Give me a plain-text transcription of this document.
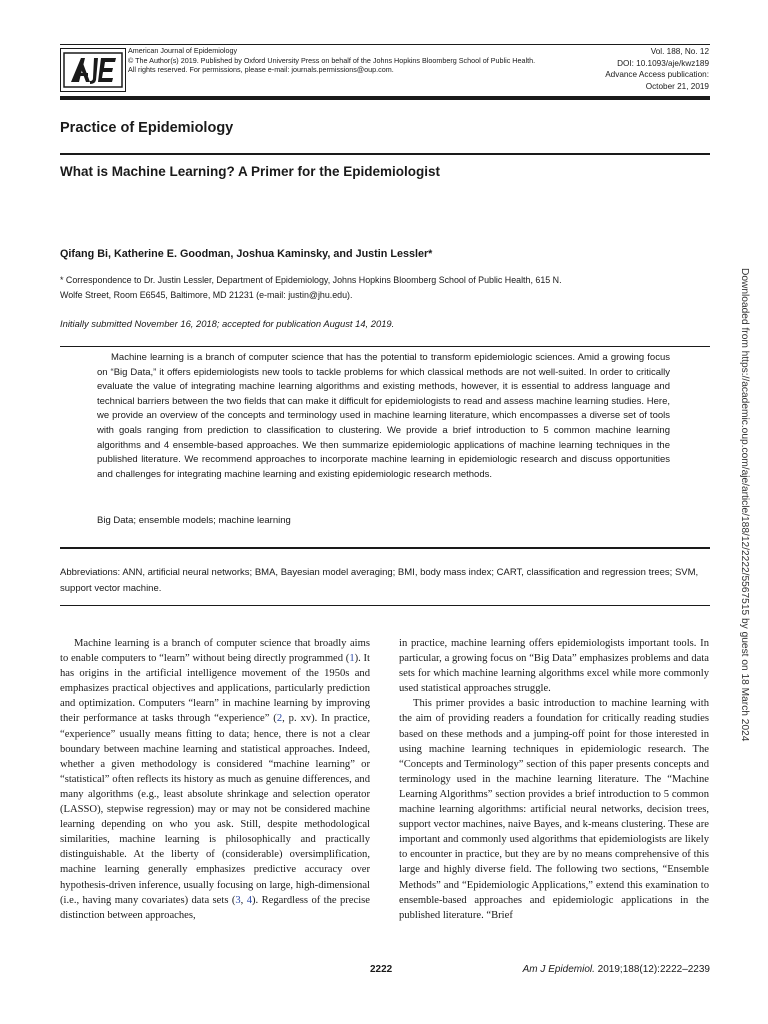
American Journal of Epidemiology
© The Author(s) 2019. Published by Oxford University Press on behalf of the Johns Hopkins Bloomberg School of Public Health.
All rights reserved. For permissions, please e-mail: journals.permissions@oup.com.
Vol. 188, No. 12
DOI: 10.1093/aje/kwz189
Advance Access publication:
October 21, 2019
Practice of Epidemiology
What is Machine Learning? A Primer for the Epidemiologist
Qifang Bi, Katherine E. Goodman, Joshua Kaminsky, and Justin Lessler*
* Correspondence to Dr. Justin Lessler, Department of Epidemiology, Johns Hopkins Bloomberg School of Public Health, 615 N.
Wolfe Street, Room E6545, Baltimore, MD 21231 (e-mail: justin@jhu.edu).
Initially submitted November 16, 2018; accepted for publication August 14, 2019.

Machine learning is a branch of computer science that has the potential to transform epidemiologic sciences. Amid a growing focus on “Big Data,” it offers epidemiologists new tools to tackle problems for which classical methods are not well-suited. In order to critically evaluate the value of integrating machine learning algorithms and existing methods, however, it is essential to address language and technical barriers between the two fields that can make it difficult for epidemiologists to read and assess machine learning studies. Here, we provide an overview of the concepts and terminology used in machine learning literature, which encompasses a diverse set of tools with goals ranging from prediction to classification to clustering. We provide a brief introduction to 5 common machine learning algorithms and 4 ensemble-based approaches. We then summarize epidemiologic applications of machine learning techniques in the published literature. We recommend approaches to incorporate machine learning in epidemiologic research and discuss opportunities and challenges for integrating machine learning and existing epidemiologic research methods.

Big Data; ensemble models; machine learning
Abbreviations: ANN, artificial neural networks; BMA, Bayesian model averaging; BMI, body mass index; CART, classification and regression trees; SVM, support vector machine.

Machine learning is a branch of computer science that broadly aims to enable computers to “learn” without being directly programmed (1). It has origins in the artificial intelligence movement of the 1950s and emphasizes practical objectives and applications, particularly prediction and optimization. Computers “learn” in machine learning by improving their performance at tasks through “experience” (2, p. xv). In practice, “experience” usually means fitting to data; hence, there is not a clear boundary between machine learning and statistical approaches. Indeed, whether a given methodology is considered “machine learning” or “statistical” often reflects its history as much as genuine differences, and many algorithms (e.g., least absolute shrinkage and selection operator (LASSO), stepwise regression) may or may not be considered machine learning depending on who you ask. Still, despite methodological similarities, machine learning is philosophically and practically distinguishable. At the liberty of (considerable) oversimplification, machine learning generally emphasizes predictive accuracy over hypothesis-driven inference, usually focusing on large, high-dimensional (i.e., having many covariates) data sets (3, 4). Regardless of the precise distinction between approaches,

in practice, machine learning offers epidemiologists important tools. In particular, a growing focus on “Big Data” emphasizes problems and data sets for which machine learning algorithms excel while more commonly used statistical approaches struggle.

This primer provides a basic introduction to machine learning with the aim of providing readers a foundation for critically reading studies based on these methods and a jumping-off point for those interested in using machine learning techniques in epidemiologic research. The “Concepts and Terminology” section of this paper presents concepts and terminology used in the machine learning literature. The “Machine Learning Algorithms” section provides a brief introduction to 5 common machine learning algorithms: artificial neural networks, decision trees, support vector machines, naive Bayes, and k-means clustering. These are important and commonly used algorithms that epidemiologists are likely to encounter in practice, but they are by no means comprehensive of this large and highly diverse field. The following two sections, “Ensemble Methods” and “Epidemiologic Applications,” extend this examination to ensemble-based approaches and epidemiologic applications in the published literature. “Brief

2222	Am J Epidemiol. 2019;188(12):2222–2239
Downloaded from https://academic.oup.com/aje/article/188/12/2222/5567515 by guest on 18 March 2024
